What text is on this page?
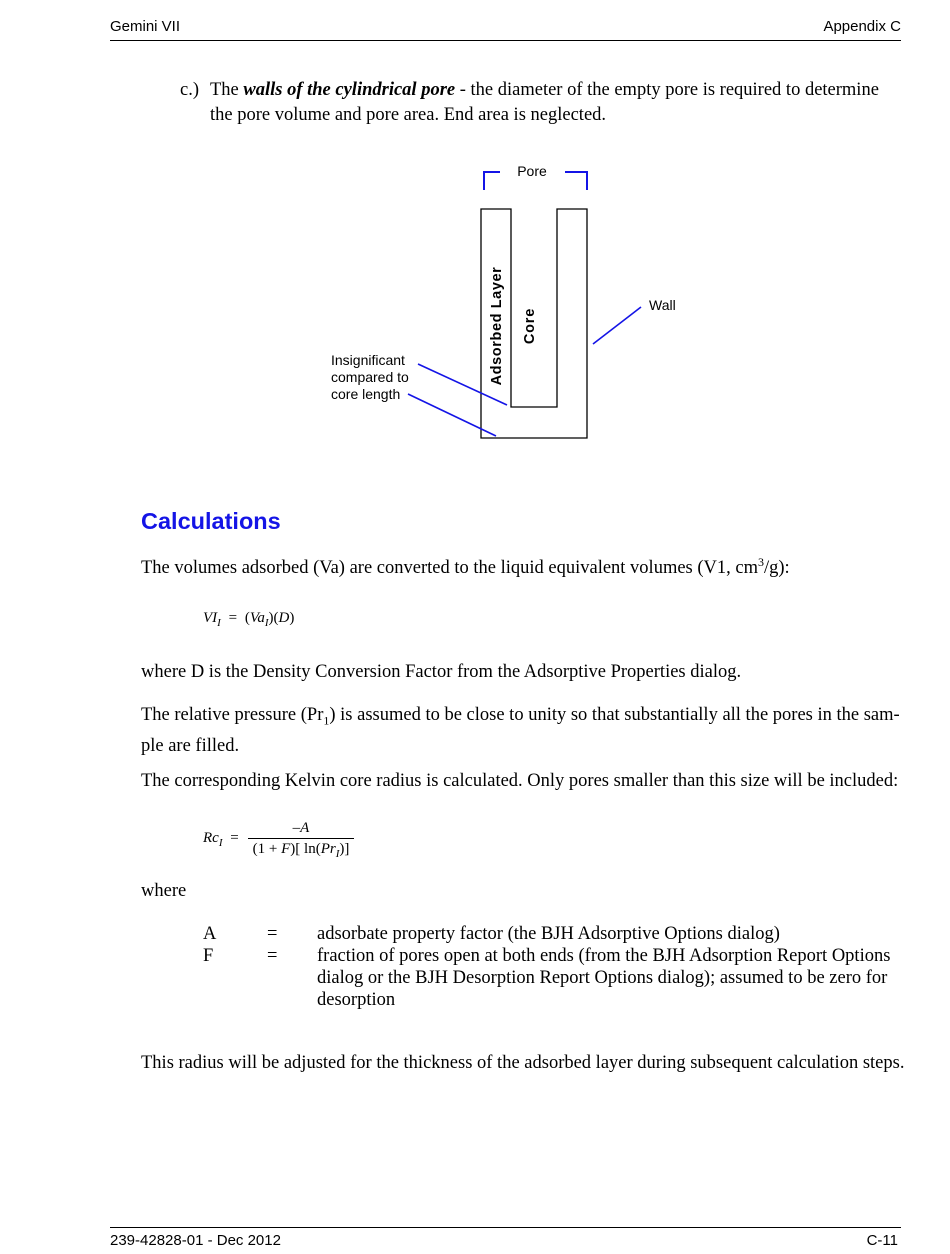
Gemini VII	Appendix C
c.) The walls of the cylindrical pore - the diameter of the empty pore is required to determine
the pore volume and pore area. End area is neglected.
Pore
Wall
Adsorbed Layer Core
Insignificant
compared to
core length
Calculations
The volumes adsorbed (Va) are converted to the liquid equivalent volumes (V1, $cm^3/g$):
$VI_I = (Va_I)(D)$
where D is the Density Conversion Factor from the Adsorptive Properties dialog.
The relative pressure $(Pr_1)$ is assumed to be close to unity so that substantially all the pores in the sam-
ple are filled.
The corresponding Kelvin core radius is calculated. Only pores smaller than this size will be included:
$Rc_I$ =
–A
(1 + F)[ $\ln(Pr_I)$]
where
A	=	adsorbate property factor (the BJH Adsorptive Options dialog)
F	=	fraction of pores open at both ends (from the BJH Adsorption Report Options
dialog or the BJH Desorption Report Options dialog); assumed to be zero for
desorption
This radius will be adjusted for the thickness of the adsorbed layer during subsequent calculation steps.
239-42828-01 - Dec 2012	C-11
